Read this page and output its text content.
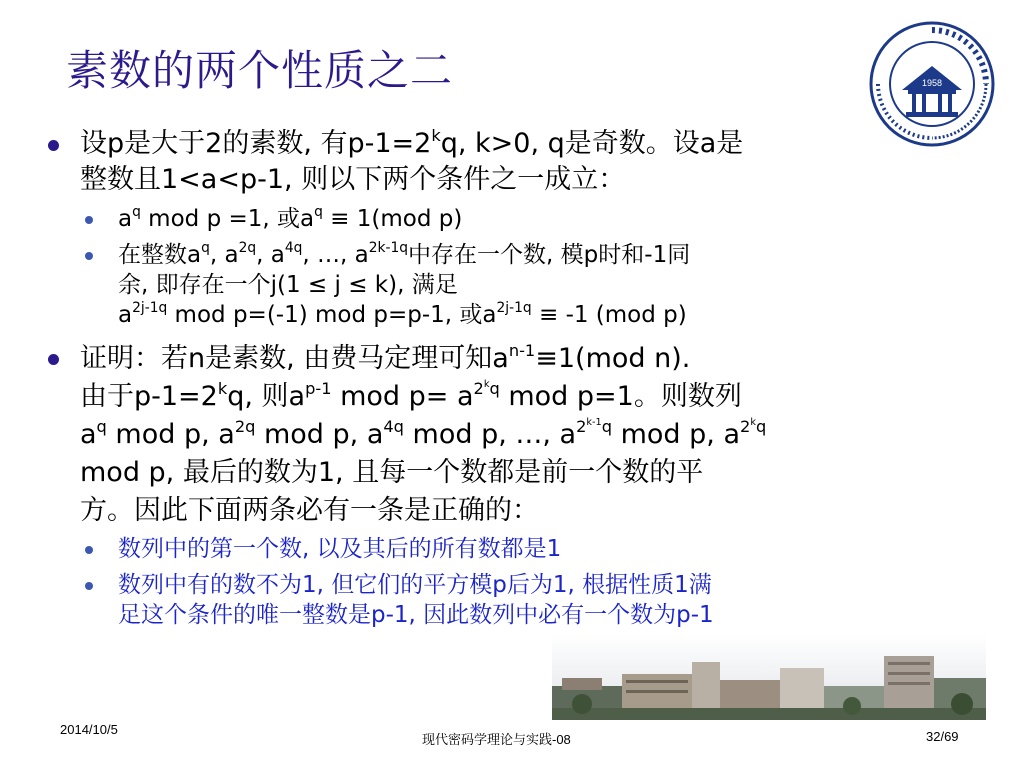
素数的两个性质之二	1958
设p是大于2的素数, 有$p-1=2^kq$, k>0, q是奇数。设a是
整数且1<a<p-1, 则以下两个条件之一成立：
$a^q$ mod p =1, 或$a^q \equiv 1(mod$ p)
在整数$a^q$, $a^{2q}$, $a^{4q}$, …, $a^{2k-1q}$中存在一个数, 模p时和-1同
余, 即存在一个j(1 ≤ j ≤ k), 满足
$a^{2j-1q}$ mod p=(-1) mod p=p-1, 或$a^{2j-1q} \equiv -1$ (mod p)
证明：若n是素数, 由费马定理可知$a^{n-1}\equiv 1(mod$ n).
由于$p-1=2^kq$, 则$a^{p-1}$ mod $p= a^{2^kq}$ mod p=1。则数列
$a^q$ mod p, $a^{2q}$ mod p, $a^{4q}$ mod p, …, $a^{2^{k-1}q}$ mod p, $a^{2^kq}$
mod p, 最后的数为1, 且每一个数都是前一个数的平
方。因此下面两条必有一条是正确的：
数列中的第一个数, 以及其后的所有数都是1
数列中有的数不为1, 但它们的平方模p后为1, 根据性质1满
足这个条件的唯一整数是p-1, 因此数列中必有一个数为p-1
2014/10/5
现代密码学理论与实践-08	32/69
